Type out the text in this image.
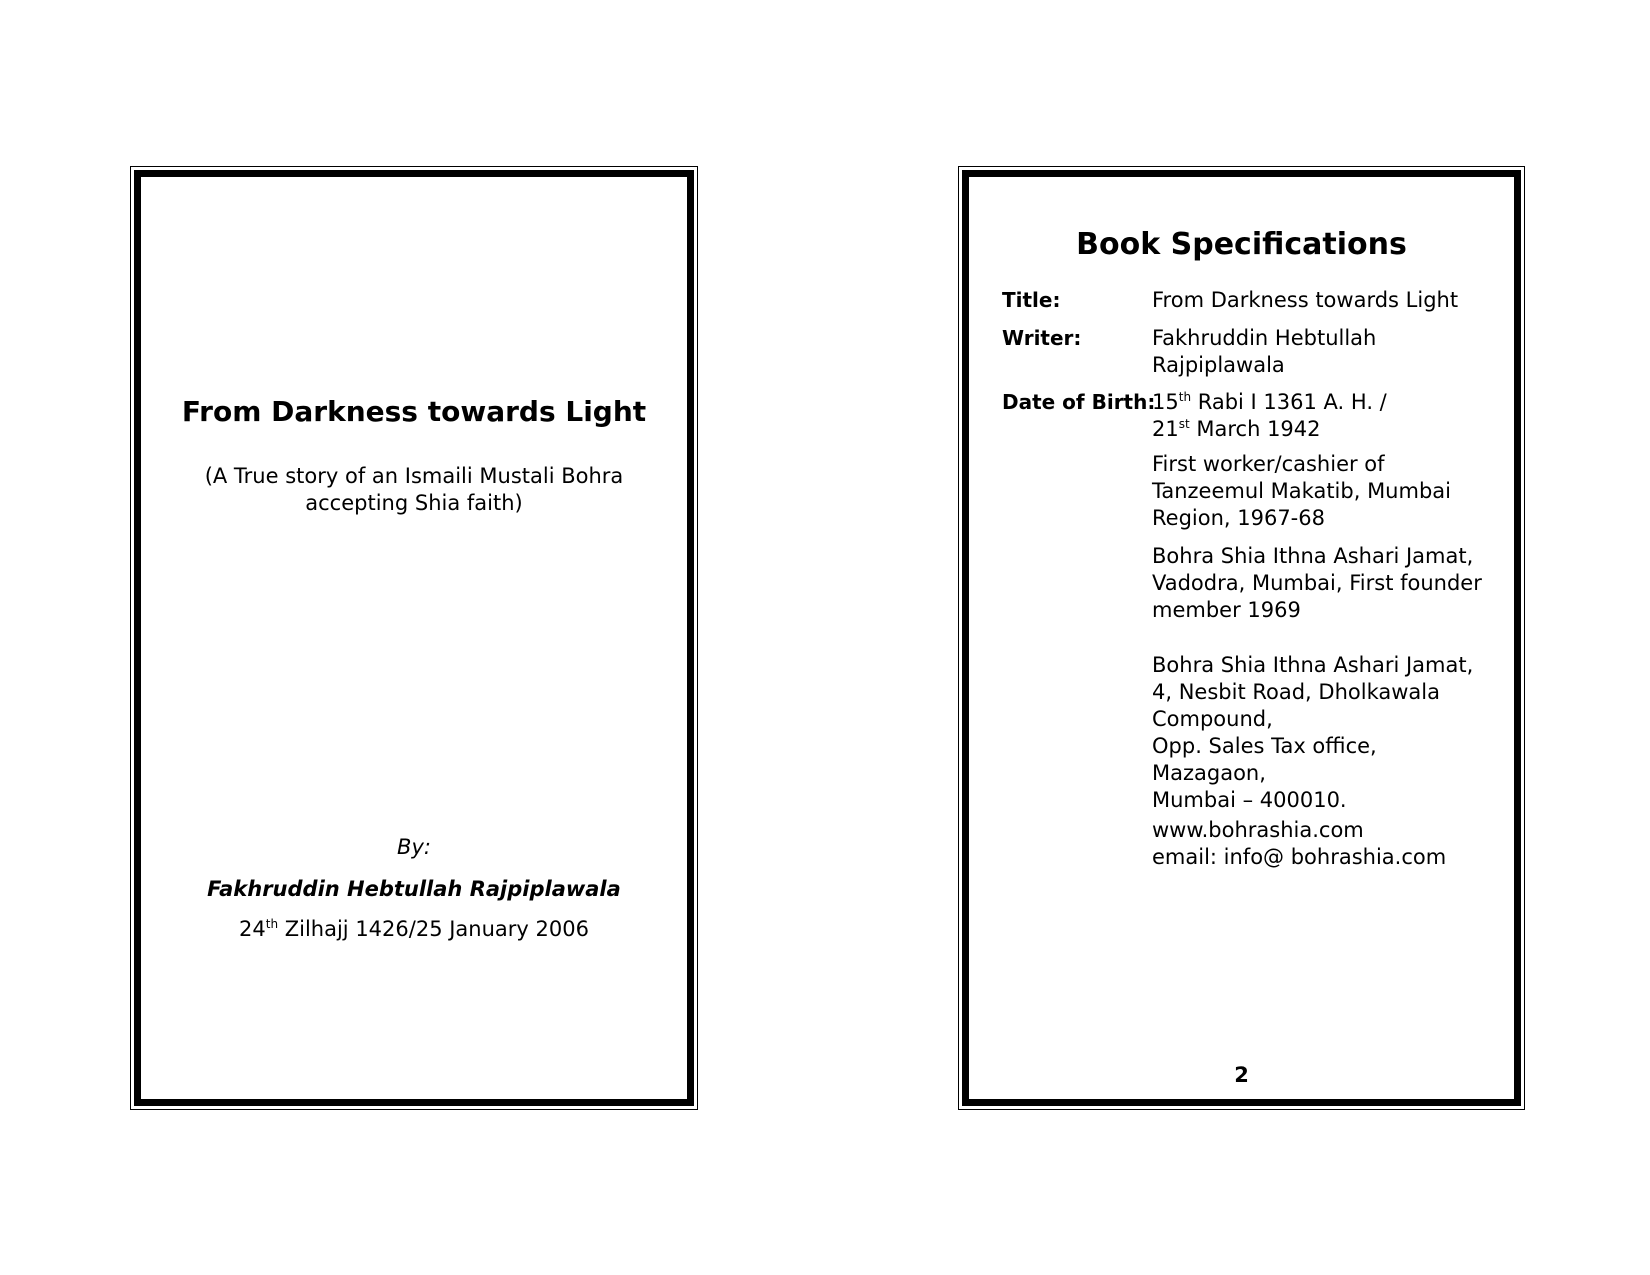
From Darkness towards Light
(A True story of an Ismaili Mustali Bohra
accepting Shia faith)
By:
Fakhruddin Hebtullah Rajpiplawala
24th Zilhajj 1426/25 January 2006
Book Specifications
Title:	From Darkness towards Light
Writer:	Fakhruddin Hebtullah
Rajpiplawala
Date of Birth:
15th Rabi I 1361 A. H. /
21st March 1942
First worker/cashier of
Tanzeemul Makatib, Mumbai
Region, 1967-68
Bohra Shia Ithna Ashari Jamat,
Vadodra, Mumbai, First founder
member 1969
Bohra Shia Ithna Ashari Jamat,
4, Nesbit Road, Dholkawala
Compound,
Opp. Sales Tax office,
Mazagaon,
Mumbai – 400010.
www.bohrashia.com
email: info@ bohrashia.com
2
